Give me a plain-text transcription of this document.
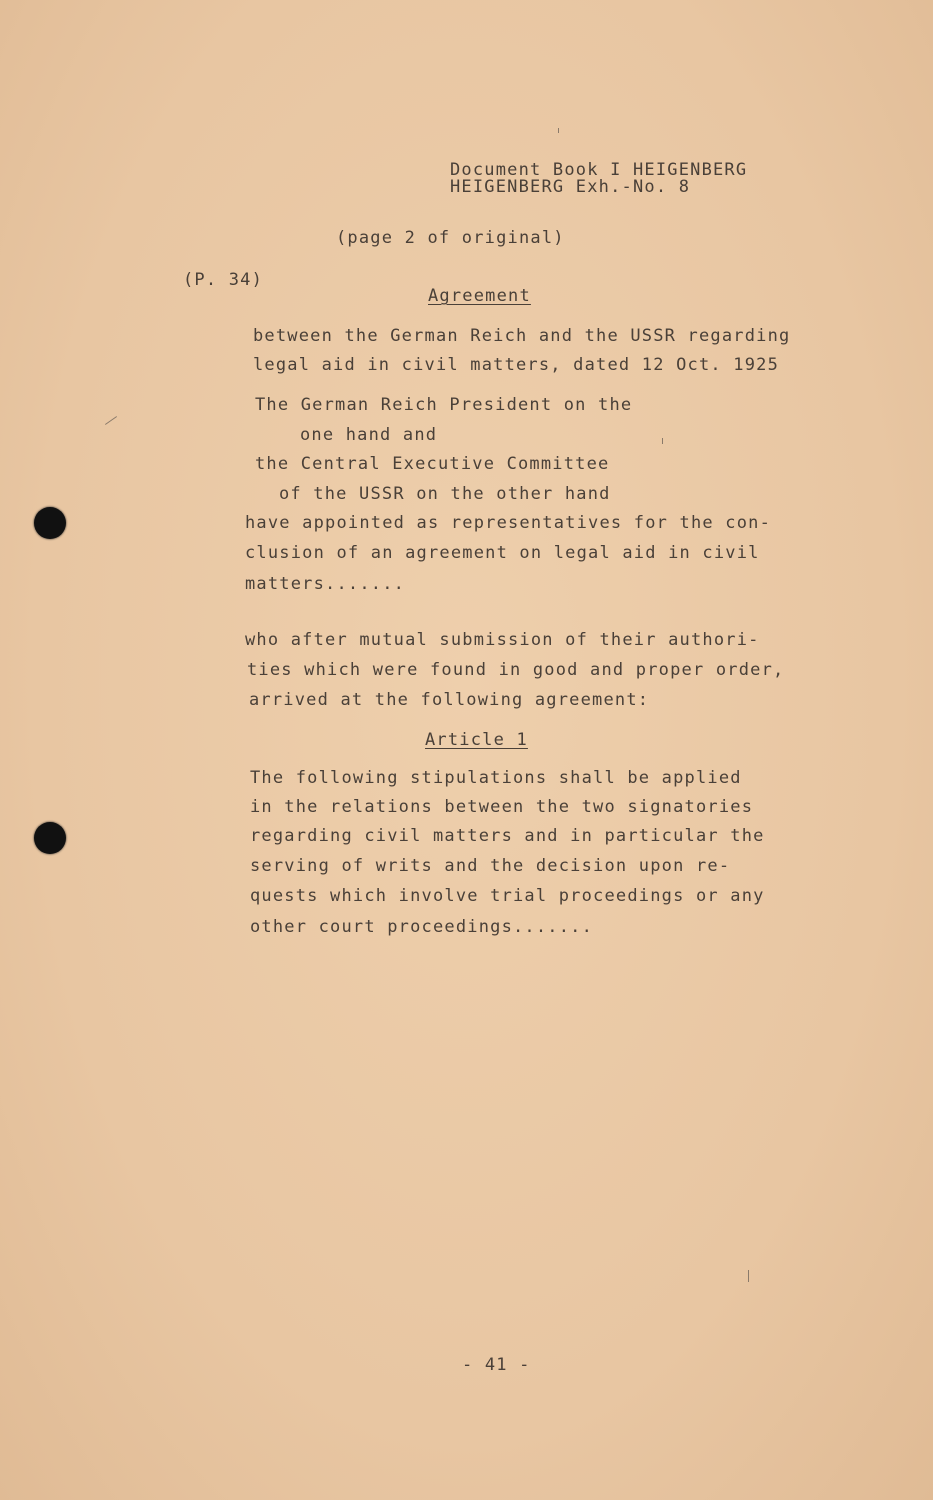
Document Book I HEIGENBERG
HEIGENBERG Exh.-No. 8
(page 2 of original)
(P. 34)
Agreement
between the German Reich and the USSR regarding
legal aid in civil matters, dated 12 Oct. 1925
The German Reich President on the
one hand and
the Central Executive Committee
of the USSR on the other hand
have appointed as representatives for the con-
clusion of an agreement on legal aid in civil
matters.......
who after mutual submission of their authori-
ties which were found in good and proper order,
arrived at the following agreement:
Article 1
The following stipulations shall be applied
in the relations between the two signatories
regarding civil matters and in particular the
serving of writs and the decision upon re-
quests which involve trial proceedings or any
other court proceedings.......
- 41 -
